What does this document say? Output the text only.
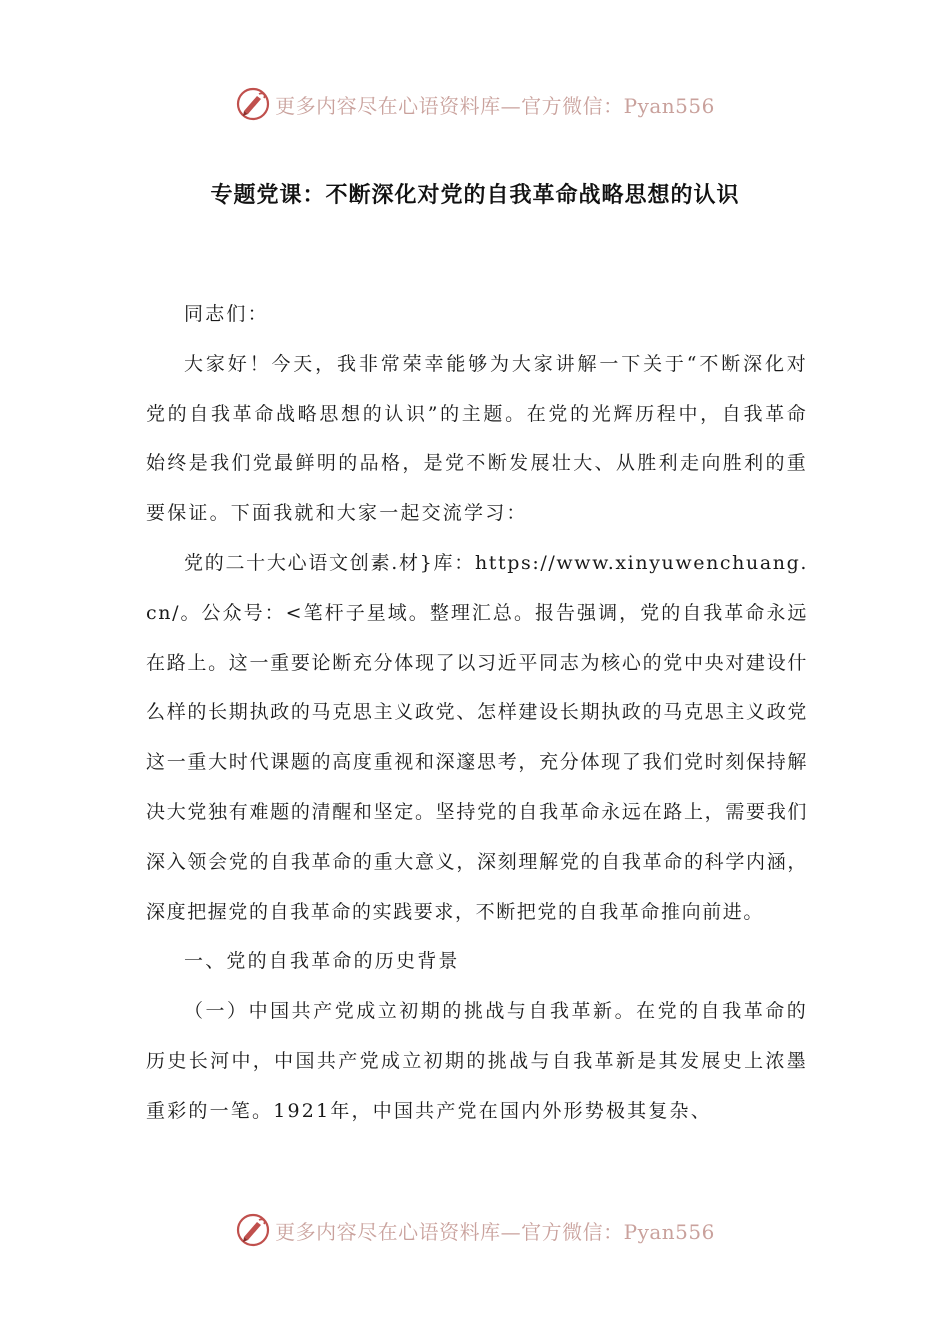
更多内容尽在心语资料库—官方微信：Pyan556
专题党课：不断深化对党的自我革命战略思想的认识

同志们：

大家好！今天，我非常荣幸能够为大家讲解一下关于“不断深化对党的自我革命战略思想的认识”的主题。在党的光辉历程中，自我革命始终是我们党最鲜明的品格，是党不断发展壮大、从胜利走向胜利的重要保证。下面我就和大家一起交流学习：

党的二十大心语文创素.材}库：https://www.xinyuwenchuang.cn/。公众号：<笔杆子星域。整理汇总。报告强调，党的自我革命永远在路上。这一重要论断充分体现了以习近平同志为核心的党中央对建设什么样的长期执政的马克思主义政党、怎样建设长期执政的马克思主义政党这一重大时代课题的高度重视和深邃思考，充分体现了我们党时刻保持解决大党独有难题的清醒和坚定。坚持党的自我革命永远在路上，需要我们深入领会党的自我革命的重大意义，深刻理解党的自我革命的科学内涵，深度把握党的自我革命的实践要求，不断把党的自我革命推向前进。

一、党的自我革命的历史背景

（一）中国共产党成立初期的挑战与自我革新。在党的自我革命的历史长河中，中国共产党成立初期的挑战与自我革新是其发展史上浓墨重彩的一笔。1921年，中国共产党在国内外形势极其复杂、

更多内容尽在心语资料库—官方微信：Pyan556
